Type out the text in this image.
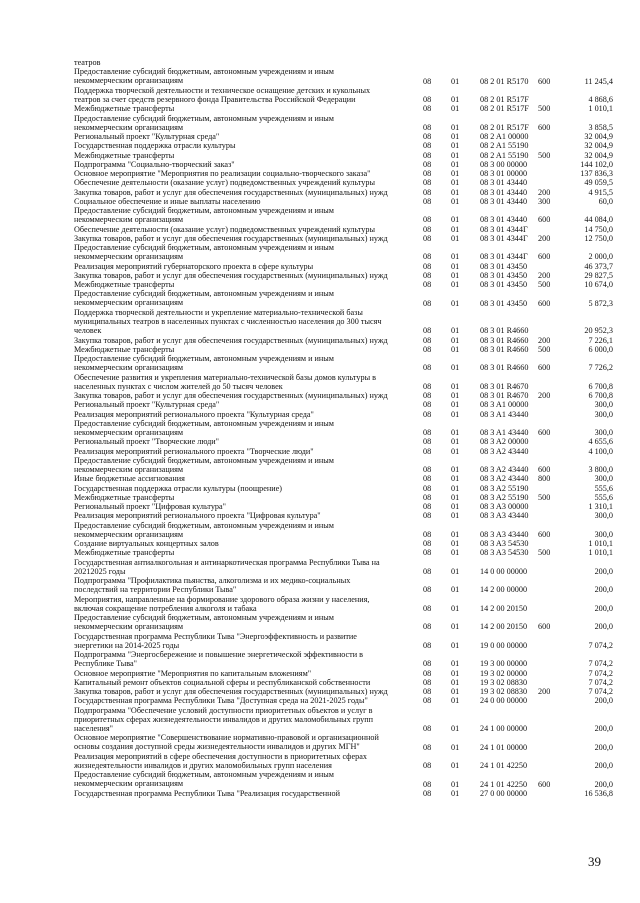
театров
Предоставление субсидий бюджетным, автономным учреждениям и иным
некоммерческим организациям	08 01	08 2 01 R5170 600	11 245,4
Поддержка творческой деятельности и техническое оснащение детских и кукольных
театров за счет средств резервного фонда Правительства Российской Федерации	08 01	08 2 01 R517F	4 868,6
Межбюджетные трансферты	08 01	08 2 01 R517F 500	1 010,1
Предоставление субсидий бюджетным, автономным учреждениям и иным
некоммерческим организациям	08 01	08 2 01 R517F 600	3 858,5
Региональный проект "Культурная среда"	08 01	08 2 A1 00000	32 004,9
Государственная поддержка отрасли культуры	08 01	08 2 A1 55190	32 004,9
Межбюджетные трансферты	08 01	08 2 A1 55190 500	32 004,9
Подпрограмма "Социально-творческий заказ"	08 01	08 3 00 00000	144 102,0
Основное мероприятие "Мероприятия по реализации социально-творческого заказа"	08 01	08 3 01 00000	137 836,3
Обеспечение деятельности (оказание услуг) подведомственных учреждений культуры	08 01	08 3 01 43440	49 059,5
Закупка товаров, работ и услуг для обеспечения государственных (муниципальных) нужд	08 01	08 3 01 43440 200	4 915,5
Социальное обеспечение и иные выплаты населению	08 01	08 3 01 43440 300	60,0
Предоставление субсидий бюджетным, автономным учреждениям и иным
некоммерческим организациям	08 01	08 3 01 43440 600	44 084,0
Обеспечение деятельности (оказание услуг) подведомственных учреждений культуры	08 01	08 3 01 4344Г	14 750,0
Закупка товаров, работ и услуг для обеспечения государственных (муниципальных) нужд	08 01	08 3 01 4344Г 200	12 750,0
Предоставление субсидий бюджетным, автономным учреждениям и иным
некоммерческим организациям	08 01	08 3 01 4344Г 600	2 000,0
Реализация мероприятий губернаторского проекта в сфере культуры	08 01	08 3 01 43450	46 373,7
Закупка товаров, работ и услуг для обеспечения государственных (муниципальных) нужд	08 01	08 3 01 43450 200	29 827,5
Межбюджетные трансферты	08 01	08 3 01 43450 500	10 674,0
Предоставление субсидий бюджетным, автономным учреждениям и иным
некоммерческим организациям	08 01	08 3 01 43450 600	5 872,3
Поддержка творческой деятельности и укрепление материально-технической базы
муниципальных театров в населенных пунктах с численностью населения до 300 тысяч
человек	08 01	08 3 01 R4660	20 952,3
Закупка товаров, работ и услуг для обеспечения государственных (муниципальных) нужд	08 01	08 3 01 R4660 200	7 226,1
Межбюджетные трансферты	08 01	08 3 01 R4660 500	6 000,0
Предоставление субсидий бюджетным, автономным учреждениям и иным
некоммерческим организациям	08 01	08 3 01 R4660 600	7 726,2
Обеспечение развития и укрепления материально-технической базы домов культуры в
населенных пунктах с числом жителей до 50 тысяч человек	08 01	08 3 01 R4670	6 700,8
Закупка товаров, работ и услуг для обеспечения государственных (муниципальных) нужд	08 01	08 3 01 R4670 200	6 700,8
Региональный проект "Культурная среда"	08 01	08 3 A1 00000	300,0
Реализация мероприятий регионального проекта "Культурная среда"	08 01	08 3 A1 43440	300,0
Предоставление субсидий бюджетным, автономным учреждениям и иным
некоммерческим организациям	08 01	08 3 A1 43440 600	300,0
Региональный проект "Творческие люди"	08 01	08 3 A2 00000	4 655,6
Реализация мероприятий регионального проекта "Творческие люди"	08 01	08 3 A2 43440	4 100,0
Предоставление субсидий бюджетным, автономным учреждениям и иным
некоммерческим организациям	08 01	08 3 A2 43440 600	3 800,0
Иные бюджетные ассигнования	08 01	08 3 A2 43440 800	300,0
Государственная поддержка отрасли культуры (поощрение)	08 01	08 3 A2 55190	555,6
Межбюджетные трансферты	08 01	08 3 A2 55190 500	555,6
Региональный проект "Цифровая культура"	08 01	08 3 A3 00000	1 310,1
Реализация мероприятий регионального проекта "Цифровая культура"	08 01	08 3 A3 43440	300,0
Предоставление субсидий бюджетным, автономным учреждениям и иным
некоммерческим организациям	08 01	08 3 A3 43440 600	300,0
Создание виртуальных концертных залов	08 01	08 3 A3 54530	1 010,1
Межбюджетные трансферты	08 01	08 3 A3 54530 500	1 010,1
Государственная антиалкогольная и антинаркотическая программа Республики Тыва на
20212025 годы	08 01	14 0 00 00000	200,0
Подпрограмма "Профилактика пьянства, алкоголизма и их медико-социальных
последствий на территории Республики Тыва"	08 01	14 2 00 00000	200,0
Мероприятия, направленные на формирование здорового образа жизни у населения,
включая сокращение потребления алкоголя и табака	08 01	14 2 00 20150	200,0
Предоставление субсидий бюджетным, автономным учреждениям и иным
некоммерческим организациям	08 01	14 2 00 20150 600	200,0
Государственная программа Республики Тыва "Энергоэффективность и развитие
энергетики на 2014-2025 годы	08 01	19 0 00 00000	7 074,2
Подпрограмма "Энергосбережение и повышение энергетической эффективности в
Республике Тыва"	08 01	19 3 00 00000	7 074,2
Основное мероприятие "Мероприятия по капитальным вложениям"	08 01	19 3 02 00000	7 074,2
Капитальный ремонт объектов социальной сферы и республиканской собственности	08 01	19 3 02 08830	7 074,2
Закупка товаров, работ и услуг для обеспечения государственных (муниципальных) нужд	08 01	19 3 02 08830 200	7 074,2
Государственная программа Республики Тыва "Доступная среда на 2021-2025 годы"	08 01	24 0 00 00000	200,0
Подпрограмма "Обеспечение условий доступности приоритетных объектов и услуг в
приоритетных сферах жизнедеятельности инвалидов и других маломобильных групп
населения"	08 01	24 1 00 00000	200,0
Основное мероприятие "Совершенствование нормативно-правовой и организационной
основы создания доступной среды жизнедеятельности инвалидов и других МГН"	08 01	24 1 01 00000	200,0
Реализация мероприятий в сфере обеспечения доступности в приоритетных сферах
жизнедеятельности инвалидов и других маломобильных групп населения	08 01	24 1 01 42250	200,0
Предоставление субсидий бюджетным, автономным учреждениям и иным
некоммерческим организациям	08 01	24 1 01 42250 600	200,0
Государственная программа Республики Тыва "Реализация государственной	08 01	27 0 00 00000	16 536,8
39
